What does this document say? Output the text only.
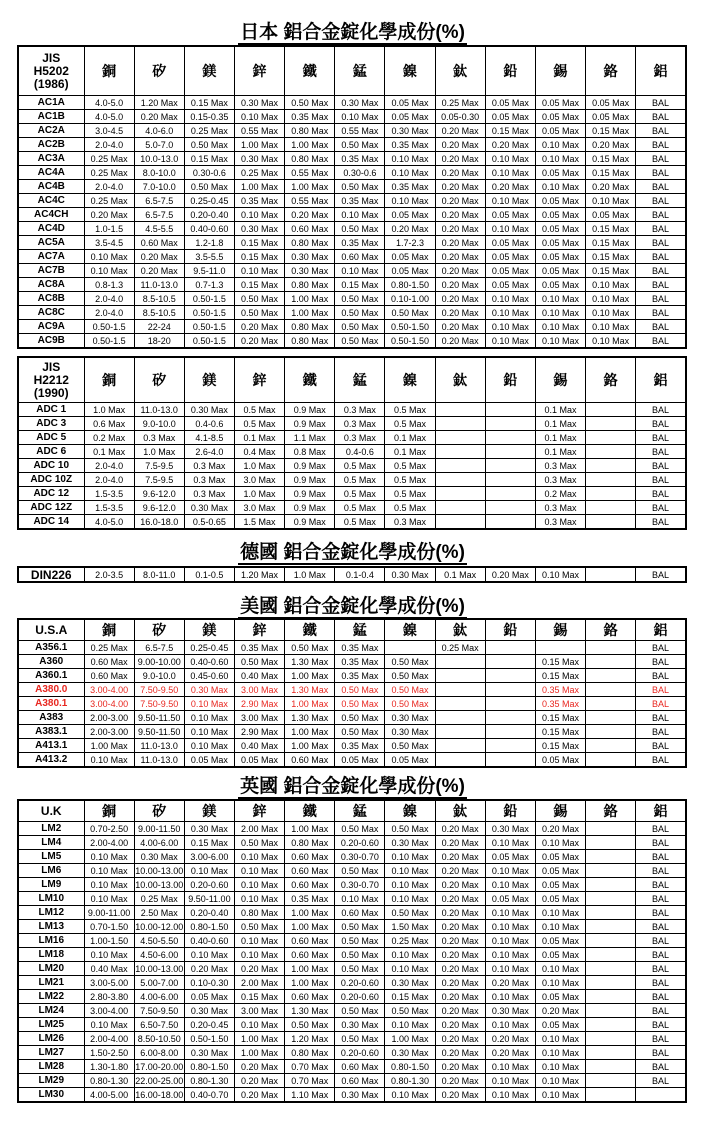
日本 鋁合金錠化學成份(%)
JIS
H5202
(1986)	銅	矽	鎂	鋅	鐵	錳	鎳	鈦	鉛	錫	鉻	鋁
AC1A	4.0-5.0	1.20 Max	0.15 Max	0.30 Max	0.50 Max	0.30 Max	0.05 Max	0.25 Max	0.05 Max	0.05 Max	0.05 Max	BAL
AC1B	4.0-5.0	0.20 Max	0.15-0.35	0.10 Max	0.35 Max	0.10 Max	0.05 Max	0.05-0.30	0.05 Max	0.05 Max	0.05 Max	BAL
AC2A	3.0-4.5	4.0-6.0	0.25 Max	0.55 Max	0.80 Max	0.55 Max	0.30 Max	0.20 Max	0.15 Max	0.05 Max	0.15 Max	BAL
AC2B	2.0-4.0	5.0-7.0	0.50 Max	1.00 Max	1.00 Max	0.50 Max	0.35 Max	0.20 Max	0.20 Max	0.10 Max	0.20 Max	BAL
AC3A	0.25 Max	10.0-13.0	0.15 Max	0.30 Max	0.80 Max	0.35 Max	0.10 Max	0.20 Max	0.10 Max	0.10 Max	0.15 Max	BAL
AC4A	0.25 Max	8.0-10.0	0.30-0.6	0.25 Max	0.55 Max	0.30-0.6	0.10 Max	0.20 Max	0.10 Max	0.05 Max	0.15 Max	BAL
AC4B	2.0-4.0	7.0-10.0	0.50 Max	1.00 Max	1.00 Max	0.50 Max	0.35 Max	0.20 Max	0.20 Max	0.10 Max	0.20 Max	BAL
AC4C	0.25 Max	6.5-7.5	0.25-0.45	0.35 Max	0.55 Max	0.35 Max	0.10 Max	0.20 Max	0.10 Max	0.05 Max	0.10 Max	BAL
AC4CH	0.20 Max	6.5-7.5	0.20-0.40	0.10 Max	0.20 Max	0.10 Max	0.05 Max	0.20 Max	0.05 Max	0.05 Max	0.05 Max	BAL
AC4D	1.0-1.5	4.5-5.5	0.40-0.60	0.30 Max	0.60 Max	0.50 Max	0.20 Max	0.20 Max	0.10 Max	0.05 Max	0.15 Max	BAL
AC5A	3.5-4.5	0.60 Max	1.2-1.8	0.15 Max	0.80 Max	0.35 Max	1.7-2.3	0.20 Max	0.05 Max	0.05 Max	0.15 Max	BAL
AC7A	0.10 Max	0.20 Max	3.5-5.5	0.15 Max	0.30 Max	0.60 Max	0.05 Max	0.20 Max	0.05 Max	0.05 Max	0.15 Max	BAL
AC7B	0.10 Max	0.20 Max	9.5-11.0	0.10 Max	0.30 Max	0.10 Max	0.05 Max	0.20 Max	0.05 Max	0.05 Max	0.15 Max	BAL
AC8A	0.8-1.3	11.0-13.0	0.7-1.3	0.15 Max	0.80 Max	0.15 Max	0.80-1.50	0.20 Max	0.05 Max	0.05 Max	0.10 Max	BAL
AC8B	2.0-4.0	8.5-10.5	0.50-1.5	0.50 Max	1.00 Max	0.50 Max	0.10-1.00	0.20 Max	0.10 Max	0.10 Max	0.10 Max	BAL
AC8C	2.0-4.0	8.5-10.5	0.50-1.5	0.50 Max	1.00 Max	0.50 Max	0.50 Max	0.20 Max	0.10 Max	0.10 Max	0.10 Max	BAL
AC9A	0.50-1.5	22-24	0.50-1.5	0.20 Max	0.80 Max	0.50 Max	0.50-1.50	0.20 Max	0.10 Max	0.10 Max	0.10 Max	BAL
AC9B	0.50-1.5	18-20	0.50-1.5	0.20 Max	0.80 Max	0.50 Max	0.50-1.50	0.20 Max	0.10 Max	0.10 Max	0.10 Max	BAL
JIS
H2212
(1990)	銅	矽	鎂	鋅	鐵	錳	鎳	鈦	鉛	錫	鉻	鋁
ADC 1	1.0 Max	11.0-13.0	0.30 Max	0.5 Max	0.9 Max	0.3 Max	0.5 Max			0.1 Max		BAL
ADC 3	0.6 Max	9.0-10.0	0.4-0.6	0.5 Max	0.9 Max	0.3 Max	0.5 Max			0.1 Max		BAL
ADC 5	0.2 Max	0.3 Max	4.1-8.5	0.1 Max	1.1 Max	0.3 Max	0.1 Max			0.1 Max		BAL
ADC 6	0.1 Max	1.0 Max	2.6-4.0	0.4 Max	0.8 Max	0.4-0.6	0.1 Max			0.1 Max		BAL
ADC 10	2.0-4.0	7.5-9.5	0.3 Max	1.0 Max	0.9 Max	0.5 Max	0.5 Max			0.3 Max		BAL
ADC 10Z	2.0-4.0	7.5-9.5	0.3 Max	3.0 Max	0.9 Max	0.5 Max	0.5 Max			0.3 Max		BAL
ADC 12	1.5-3.5	9.6-12.0	0.3 Max	1.0 Max	0.9 Max	0.5 Max	0.5 Max			0.2 Max		BAL
ADC 12Z	1.5-3.5	9.6-12.0	0.30 Max	3.0 Max	0.9 Max	0.5 Max	0.5 Max			0.3 Max		BAL
ADC 14	4.0-5.0	16.0-18.0	0.5-0.65	1.5 Max	0.9 Max	0.5 Max	0.3 Max			0.3 Max		BAL
德國 鋁合金錠化學成份(%)
DIN226	2.0-3.5	8.0-11.0	0.1-0.5	1.20 Max	1.0 Max	0.1-0.4	0.30 Max	0.1 Max	0.20 Max	0.10 Max		BAL
美國 鋁合金錠化學成份(%)
U.S.A	銅	矽	鎂	鋅	鐵	錳	鎳	鈦	鉛	錫	鉻	鋁
A356.1	0.25 Max	6.5-7.5	0.25-0.45	0.35 Max	0.50 Max	0.35 Max		0.25 Max				BAL
A360	0.60 Max	9.00-10.00	0.40-0.60	0.50 Max	1.30 Max	0.35 Max	0.50 Max			0.15 Max		BAL
A360.1	0.60 Max	9.0-10.0	0.45-0.60	0.40 Max	1.00 Max	0.35 Max	0.50 Max			0.15 Max		BAL
A380.0	3.00-4.00	7.50-9.50	0.30 Max	3.00 Max	1.30 Max	0.50 Max	0.50 Max			0.35 Max		BAL
A380.1	3.00-4.00	7.50-9.50	0.10 Max	2.90 Max	1.00 Max	0.50 Max	0.50 Max			0.35 Max		BAL
A383	2.00-3.00	9.50-11.50	0.10 Max	3.00 Max	1.30 Max	0.50 Max	0.30 Max			0.15 Max		BAL
A383.1	2.00-3.00	9.50-11.50	0.10 Max	2.90 Max	1.00 Max	0.50 Max	0.30 Max			0.15 Max		BAL
A413.1	1.00 Max	11.0-13.0	0.10 Max	0.40 Max	1.00 Max	0.35 Max	0.50 Max			0.15 Max		BAL
A413.2	0.10 Max	11.0-13.0	0.05 Max	0.05 Max	0.60 Max	0.05 Max	0.05 Max			0.05 Max		BAL
英國 鋁合金錠化學成份(%)
U.K	銅	矽	鎂	鋅	鐵	錳	鎳	鈦	鉛	錫	鉻	鋁
LM2	0.70-2.50	9.00-11.50	0.30 Max	2.00 Max	1.00 Max	0.50 Max	0.50 Max	0.20 Max	0.30 Max	0.20 Max		BAL
LM4	2.00-4.00	4.00-6.00	0.15 Max	0.50 Max	0.80 Max	0.20-0.60	0.30 Max	0.20 Max	0.10 Max	0.10 Max		BAL
LM5	0.10 Max	0.30 Max	3.00-6.00	0.10 Max	0.60 Max	0.30-0.70	0.10 Max	0.20 Max	0.05 Max	0.05 Max		BAL
LM6	0.10 Max	10.00-13.00	0.10 Max	0.10 Max	0.60 Max	0.50 Max	0.10 Max	0.20 Max	0.10 Max	0.05 Max		BAL
LM9	0.10 Max	10.00-13.00	0.20-0.60	0.10 Max	0.60 Max	0.30-0.70	0.10 Max	0.20 Max	0.10 Max	0.05 Max		BAL
LM10	0.10 Max	0.25 Max	9.50-11.00	0.10 Max	0.35 Max	0.10 Max	0.10 Max	0.20 Max	0.05 Max	0.05 Max		BAL
LM12	9.00-11.00	2.50 Max	0.20-0.40	0.80 Max	1.00 Max	0.60 Max	0.50 Max	0.20 Max	0.10 Max	0.10 Max		BAL
LM13	0.70-1.50	10.00-12.00	0.80-1.50	0.50 Max	1.00 Max	0.50 Max	1.50 Max	0.20 Max	0.10 Max	0.10 Max		BAL
LM16	1.00-1.50	4.50-5.50	0.40-0.60	0.10 Max	0.60 Max	0.50 Max	0.25 Max	0.20 Max	0.10 Max	0.05 Max		BAL
LM18	0.10 Max	4.50-6.00	0.10 Max	0.10 Max	0.60 Max	0.50 Max	0.10 Max	0.20 Max	0.10 Max	0.05 Max		BAL
LM20	0.40 Max	10.00-13.00	0.20 Max	0.20 Max	1.00 Max	0.50 Max	0.10 Max	0.20 Max	0.10 Max	0.10 Max		BAL
LM21	3.00-5.00	5.00-7.00	0.10-0.30	2.00 Max	1.00 Max	0.20-0.60	0.30 Max	0.20 Max	0.20 Max	0.10 Max		BAL
LM22	2.80-3.80	4.00-6.00	0.05 Max	0.15 Max	0.60 Max	0.20-0.60	0.15 Max	0.20 Max	0.10 Max	0.05 Max		BAL
LM24	3.00-4.00	7.50-9.50	0.30 Max	3.00 Max	1.30 Max	0.50 Max	0.50 Max	0.20 Max	0.30 Max	0.20 Max		BAL
LM25	0.10 Max	6.50-7.50	0.20-0.45	0.10 Max	0.50 Max	0.30 Max	0.10 Max	0.20 Max	0.10 Max	0.05 Max		BAL
LM26	2.00-4.00	8.50-10.50	0.50-1.50	1.00 Max	1.20 Max	0.50 Max	1.00 Max	0.20 Max	0.20 Max	0.10 Max		BAL
LM27	1.50-2.50	6.00-8.00	0.30 Max	1.00 Max	0.80 Max	0.20-0.60	0.30 Max	0.20 Max	0.20 Max	0.10 Max		BAL
LM28	1.30-1.80	17.00-20.00	0.80-1.50	0.20 Max	0.70 Max	0.60 Max	0.80-1.50	0.20 Max	0.10 Max	0.10 Max		BAL
LM29	0.80-1.30	22.00-25.00	0.80-1.30	0.20 Max	0.70 Max	0.60 Max	0.80-1.30	0.20 Max	0.10 Max	0.10 Max		BAL
LM30	4.00-5.00	16.00-18.00	0.40-0.70	0.20 Max	1.10 Max	0.30 Max	0.10 Max	0.20 Max	0.10 Max	0.10 Max		
